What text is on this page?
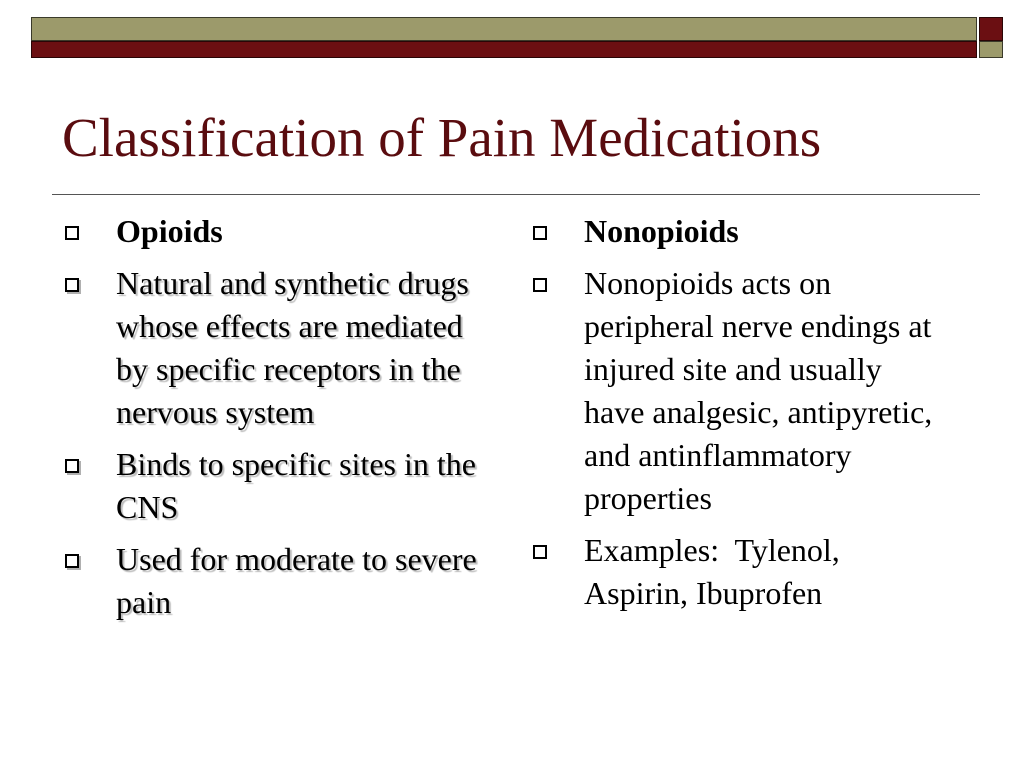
Classification of Pain Medications
Opioids
Natural and synthetic drugs whose effects are mediated by specific receptors in the nervous system
Binds to specific sites in the CNS
Used for moderate to severe pain
Nonopioids
Nonopioids acts on peripheral nerve endings at injured site and usually have analgesic, antipyretic, and antinflammatory properties
Examples:  Tylenol, Aspirin, Ibuprofen
